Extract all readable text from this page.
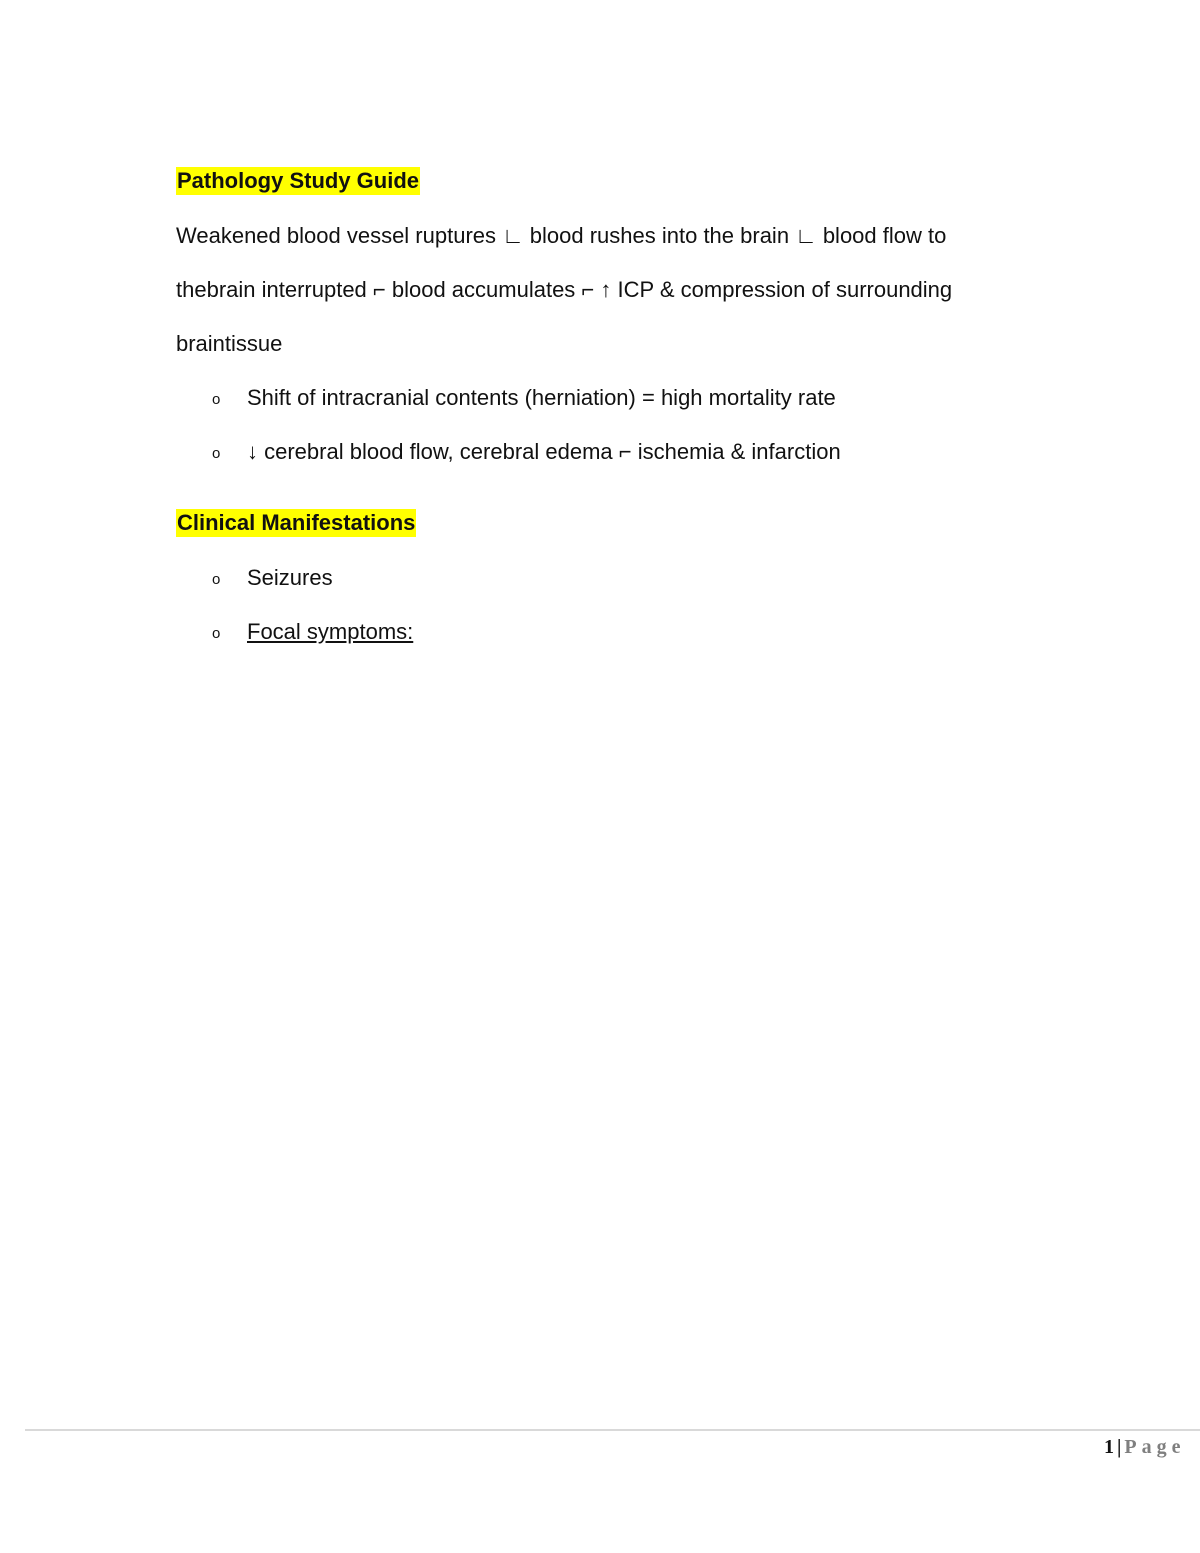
Pathology Study Guide
Weakened blood vessel ruptures ∟ blood rushes into the brain ∟ blood flow to
thebrain interrupted ⌐ blood accumulates ⌐ ↑ ICP & compression of surrounding
braintissue
o Shift of intracranial contents (herniation) = high mortality rate
o ↓ cerebral blood flow, cerebral edema ⌐ ischemia & infarction
Clinical Manifestations
o Seizures
o Focal symptoms:
1 | Page
